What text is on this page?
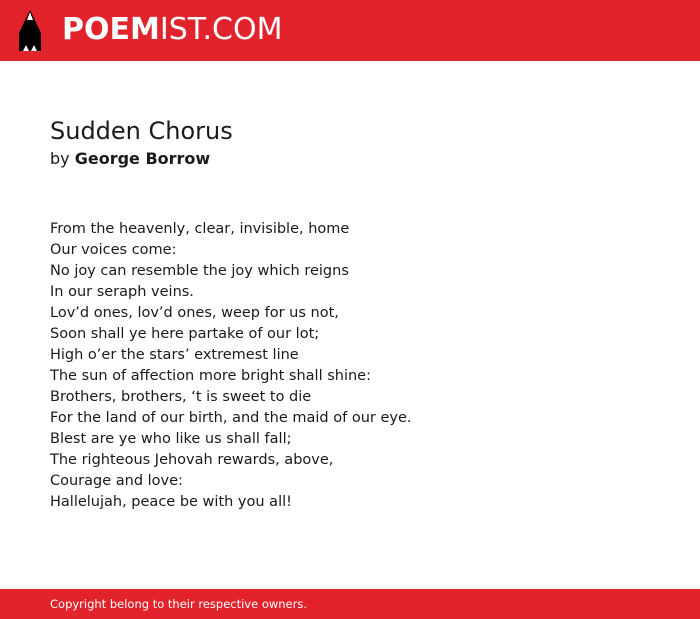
POEMIST.COM
Sudden Chorus
by George Borrow
From the heavenly, clear, invisible, home
Our voices come:
No joy can resemble the joy which reigns
In our seraph veins.
Lov’d ones, lov’d ones, weep for us not,
Soon shall ye here partake of our lot;
High o’er the stars’ extremest line
The sun of affection more bright shall shine:
Brothers, brothers, ‘t is sweet to die
For the land of our birth, and the maid of our eye.
Blest are ye who like us shall fall;
The righteous Jehovah rewards, above,
Courage and love:
Hallelujah, peace be with you all!
Copyright belong to their respective owners.
